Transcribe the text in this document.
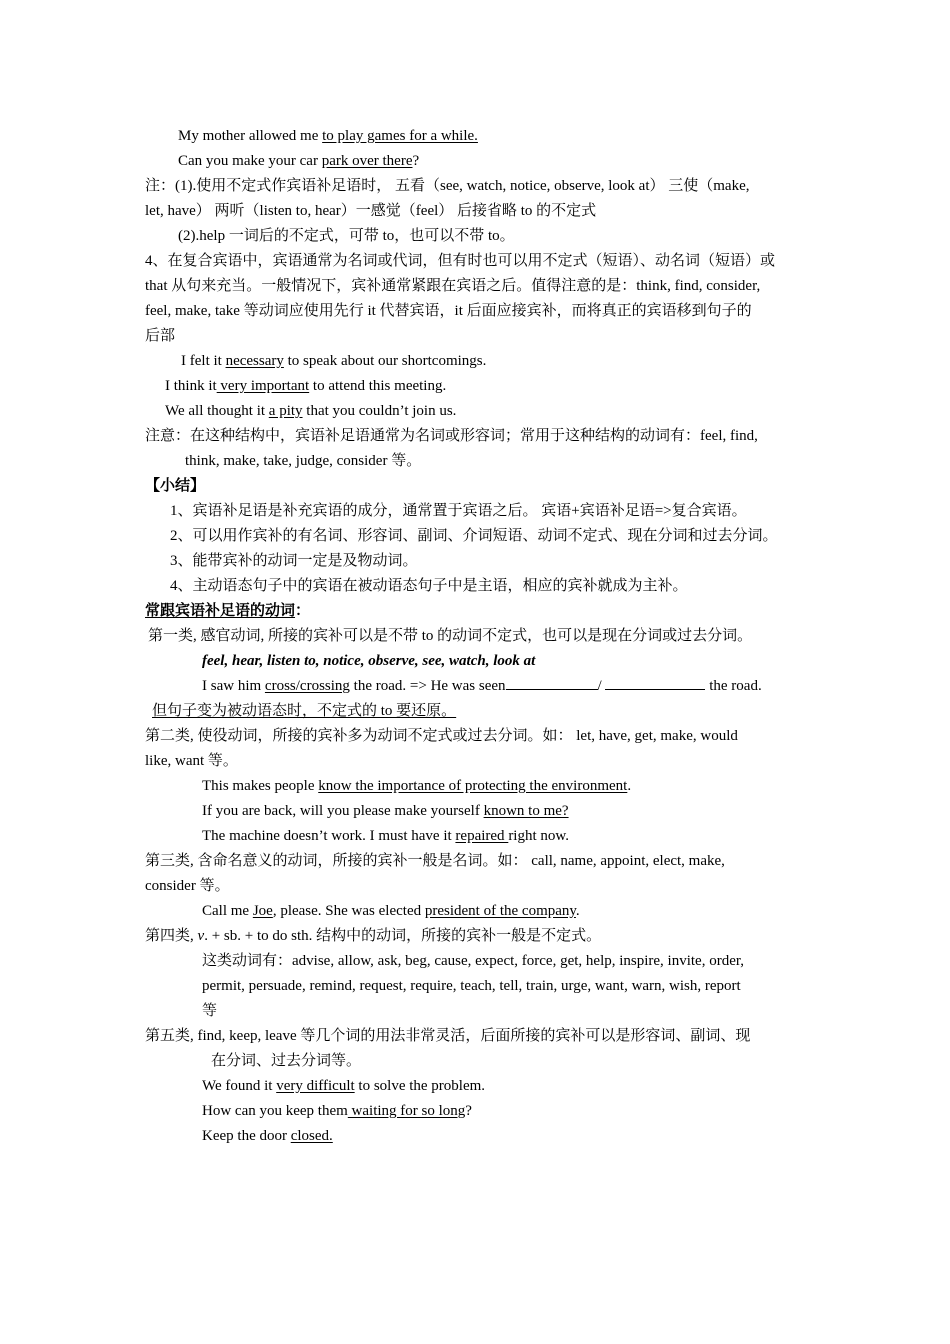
My mother allowed me to play games for a while.
Can you make your car park over there?
注：(1).使用不定式作宾语补足语时， 五看（see, watch, notice, observe, look at） 三使（make,
let, have） 两听（listen to, hear）一感觉（feel） 后接省略 to 的不定式
(2).help 一词后的不定式，可带 to，也可以不带 to。
4、在复合宾语中，宾语通常为名词或代词，但有时也可以用不定式（短语）、动名词（短语）或
that 从句来充当。一般情况下，宾补通常紧跟在宾语之后。值得注意的是：think, find, consider,
feel, make, take 等动词应使用先行 it 代替宾语，it 后面应接宾补，而将真正的宾语移到句子的
后部
I felt it necessary to speak about our shortcomings.
I think it very important to attend this meeting.
We all thought it a pity that you couldn’t join us.
注意：在这种结构中，宾语补足语通常为名词或形容词；常用于这种结构的动词有：feel, find,
think, make, take, judge, consider 等。
【小结】
1、宾语补足语是补充宾语的成分，通常置于宾语之后。 宾语+宾语补足语=>复合宾语。
2、可以用作宾补的有名词、形容词、副词、介词短语、动词不定式、现在分词和过去分词。
3、能带宾补的动词一定是及物动词。
4、主动语态句子中的宾语在被动语态句子中是主语，相应的宾补就成为主补。
常跟宾语补足语的动词：
第一类, 感官动词, 所接的宾补可以是不带 to 的动词不定式，也可以是现在分词或过去分词。
feel, hear, listen to, notice, observe, see, watch, look at
I saw him cross/crossing the road. => He was seen	/	the road.
但句子变为被动语态时，不定式的 to 要还原。
第二类, 使役动词，所接的宾补多为动词不定式或过去分词。如： let, have, get, make, would
like, want 等。
This makes people know the importance of protecting the environment.
If you are back, will you please make yourself known to me?
The machine doesn’t work. I must have it repaired right now.
第三类, 含命名意义的动词，所接的宾补一般是名词。如： call, name, appoint, elect, make,
consider 等。
Call me Joe, please. She was elected president of the company.
第四类, v. + sb. + to do sth. 结构中的动词，所接的宾补一般是不定式。
这类动词有：advise, allow, ask, beg, cause, expect, force, get, help, inspire, invite, order,
permit, persuade, remind, request, require, teach, tell, train, urge, want, warn, wish, report
等
第五类, find, keep, leave 等几个词的用法非常灵活，后面所接的宾补可以是形容词、副词、现
在分词、过去分词等。
We found it very difficult to solve the problem.
How can you keep them waiting for so long?
Keep the door closed.
